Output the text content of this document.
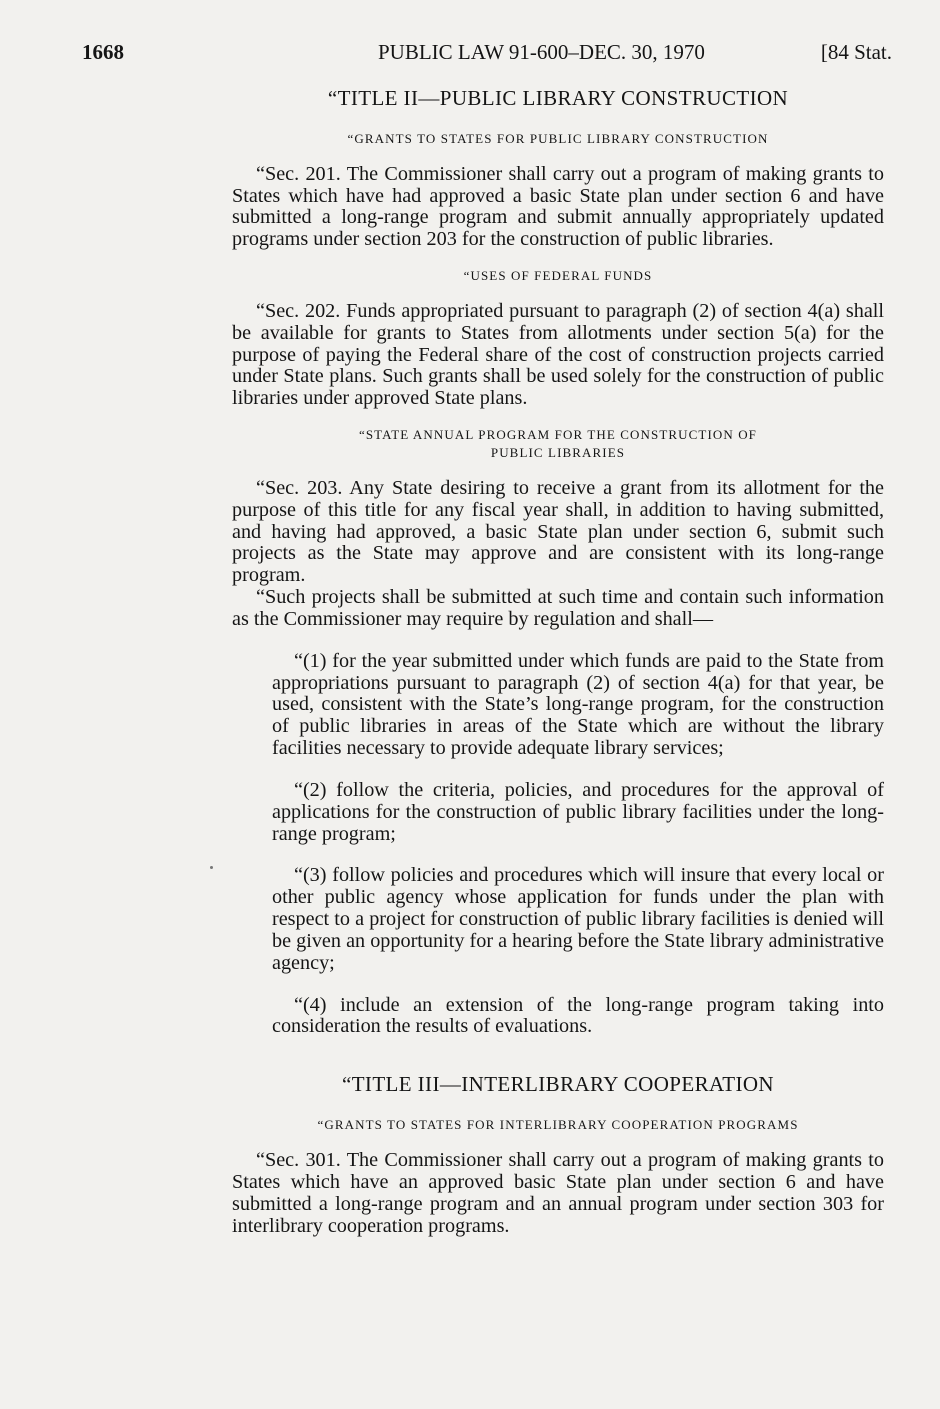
1668	PUBLIC LAW 91-600–DEC. 30, 1970	[84 Stat.
“TITLE II—PUBLIC LIBRARY CONSTRUCTION
“GRANTS TO STATES FOR PUBLIC LIBRARY CONSTRUCTION

“Sec. 201. The Commissioner shall carry out a program of making grants to States which have had approved a basic State plan under section 6 and have submitted a long-range program and submit annually appropriately updated programs under section 203 for the construction of public libraries.

“USES OF FEDERAL FUNDS

“Sec. 202. Funds appropriated pursuant to paragraph (2) of section 4(a) shall be available for grants to States from allotments under section 5(a) for the purpose of paying the Federal share of the cost of construction projects carried under State plans. Such grants shall be used solely for the construction of public libraries under approved State plans.

“STATE ANNUAL PROGRAM FOR THE CONSTRUCTION OF
PUBLIC LIBRARIES

“Sec. 203. Any State desiring to receive a grant from its allotment for the purpose of this title for any fiscal year shall, in addition to having submitted, and having had approved, a basic State plan under section 6, submit such projects as the State may approve and are consistent with its long-range program.

“Such projects shall be submitted at such time and contain such information as the Commissioner may require by regulation and shall—

“(1) for the year submitted under which funds are paid to the State from appropriations pursuant to paragraph (2) of section 4(a) for that year, be used, consistent with the State’s long-range program, for the construction of public libraries in areas of the State which are without the library facilities necessary to provide adequate library services;

“(2) follow the criteria, policies, and procedures for the approval of applications for the construction of public library facilities under the long-range program;

“(3) follow policies and procedures which will insure that every local or other public agency whose application for funds under the plan with respect to a project for construction of public library facilities is denied will be given an opportunity for a hearing before the State library administrative agency;

“(4) include an extension of the long-range program taking into consideration the results of evaluations.

“TITLE III—INTERLIBRARY COOPERATION
“GRANTS TO STATES FOR INTERLIBRARY COOPERATION PROGRAMS

“Sec. 301. The Commissioner shall carry out a program of making grants to States which have an approved basic State plan under section 6 and have submitted a long-range program and an annual program under section 303 for interlibrary cooperation programs.
